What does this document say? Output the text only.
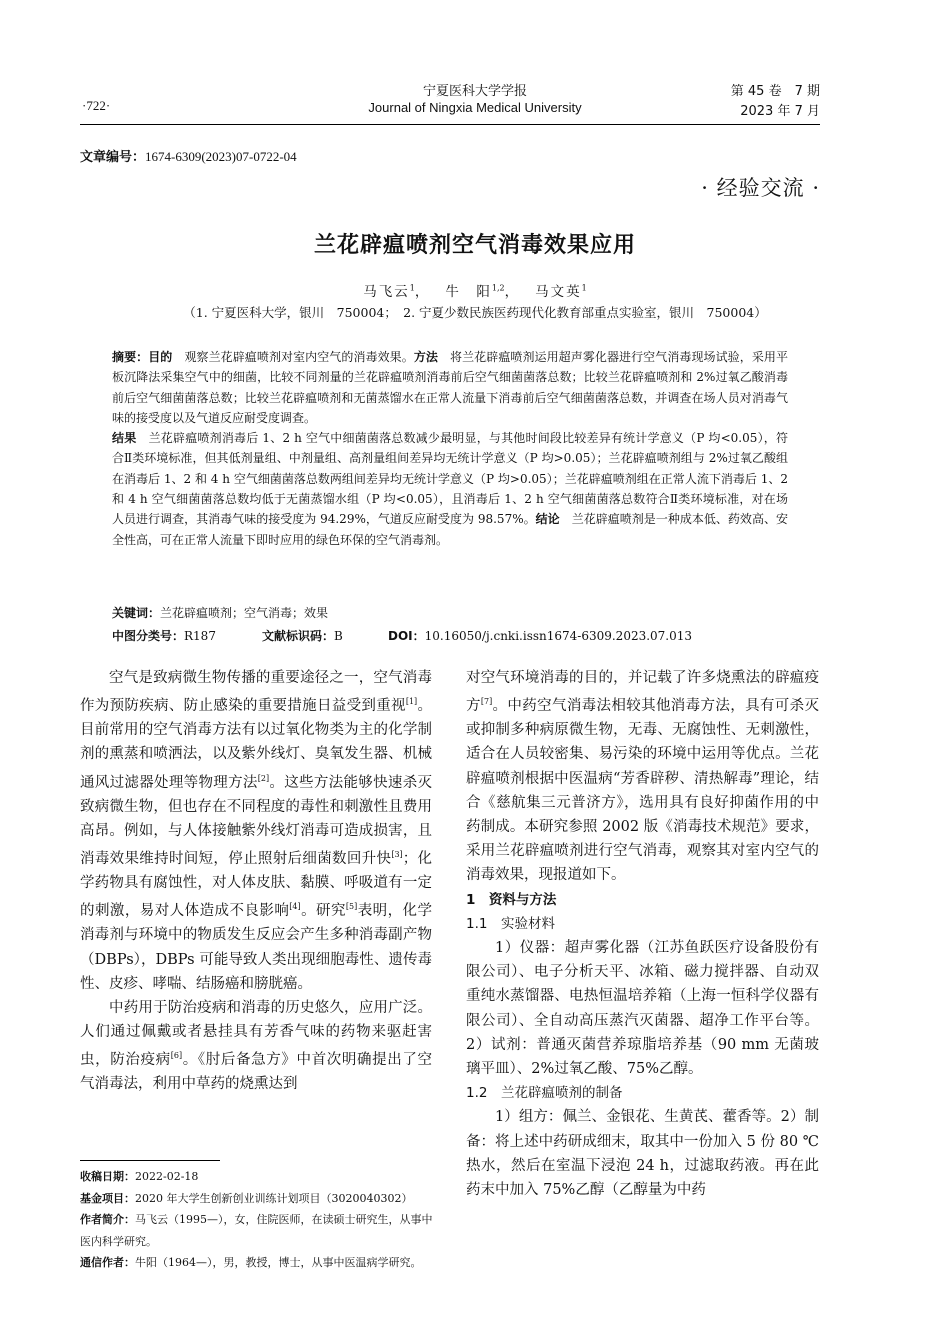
·722·
宁夏医科大学学报
Journal of Ningxia Medical University
第 45 卷　7 期
2023 年 7 月
文章编号：1674-6309(2023)07-0722-04
· 经验交流 ·
兰花辟瘟喷剂空气消毒效果应用
马飞云$^1$，　 牛　阳$^{1,2}$，　 马文英$^1$
（1. 宁夏医科大学，银川　750004；　2. 宁夏少数民族医药现代化教育部重点实验室，银川　750004）
摘要：目的　观察兰花辟瘟喷剂对室内空气的消毒效果。方法　将兰花辟瘟喷剂运用超声雾化器进行空气消毒现场试验，采用平板沉降法采集空气中的细菌，比较不同剂量的兰花辟瘟喷剂消毒前后空气细菌菌落总数；比较兰花辟瘟喷剂和 2%过氧乙酸消毒前后空气细菌菌落总数；比较兰花辟瘟喷剂和无菌蒸馏水在正常人流量下消毒前后空气细菌菌落总数，并调查在场人员对消毒气味的接受度以及气道反应耐受度调查。
结果　兰花辟瘟喷剂消毒后 1、2 h 空气中细菌菌落总数减少最明显，与其他时间段比较差异有统计学意义（P 均<0.05），符合Ⅱ类环境标准，但其低剂量组、中剂量组、高剂量组间差异均无统计学意义（P 均>0.05）；兰花辟瘟喷剂组与 2%过氧乙酸组在消毒后 1、2 和 4 h 空气细菌菌落总数两组间差异均无统计学意义（P 均>0.05）；兰花辟瘟喷剂组在正常人流下消毒后 1、2 和 4 h 空气细菌菌落总数均低于无菌蒸馏水组（P 均<0.05），且消毒后 1、2 h 空气细菌菌落总数符合Ⅱ类环境标准，对在场人员进行调查，其消毒气味的接受度为 94.29%，气道反应耐受度为 98.57%。结论　兰花辟瘟喷剂是一种成本低、药效高、安全性高，可在正常人流量下即时应用的绿色环保的空气消毒剂。
关键词：兰花辟瘟喷剂；空气消毒；效果
中图分类号：R187	文献标识码：B	DOI：10.16050/j.cnki.issn1674-6309.2023.07.013

空气是致病微生物传播的重要途径之一，空气消毒作为预防疾病、防止感染的重要措施日益受到重视[1]。目前常用的空气消毒方法有以过氧化物类为主的化学制剂的熏蒸和喷洒法，以及紫外线灯、臭氧发生器、机械通风过滤器处理等物理方法[2]。这些方法能够快速杀灭致病微生物，但也存在不同程度的毒性和刺激性且费用高昂。例如，与人体接触紫外线灯消毒可造成损害，且消毒效果维持时间短，停止照射后细菌数回升快[3]；化学药物具有腐蚀性，对人体皮肤、黏膜、呼吸道有一定的刺激，易对人体造成不良影响[4]。研究[5]表明，化学消毒剂与环境中的物质发生反应会产生多种消毒副产物（DBPs），DBPs 可能导致人类出现细胞毒性、遗传毒性、皮疹、哮喘、结肠癌和膀胱癌。

中药用于防治疫病和消毒的历史悠久，应用广泛。人们通过佩戴或者悬挂具有芳香气味的药物来驱赶害虫，防治疫病[6]。《肘后备急方》中首次明确提出了空气消毒法，利用中草药的烧熏达到

对空气环境消毒的目的，并记载了许多烧熏法的辟瘟疫方[7]。中药空气消毒法相较其他消毒方法，具有可杀灭或抑制多种病原微生物，无毒、无腐蚀性、无刺激性，适合在人员较密集、易污染的环境中运用等优点。兰花辟瘟喷剂根据中医温病“芳香辟秽、清热解毒”理论，结合《慈航集三元普济方》，选用具有良好抑菌作用的中药制成。本研究参照 2002 版《消毒技术规范》要求，采用兰花辟瘟喷剂进行空气消毒，观察其对室内空气的消毒效果，现报道如下。

1　资料与方法

1.1　实验材料

1）仪器：超声雾化器（江苏鱼跃医疗设备股份有限公司）、电子分析天平、冰箱、磁力搅拌器、自动双重纯水蒸馏器、电热恒温培养箱（上海一恒科学仪器有限公司）、全自动高压蒸汽灭菌器、超净工作平台等。2）试剂：普通灭菌营养琼脂培养基（90 mm 无菌玻璃平皿）、2%过氧乙酸、75%乙醇。

1.2　兰花辟瘟喷剂的制备

1）组方：佩兰、金银花、生黄芪、藿香等。2）制备：将上述中药研成细末，取其中一份加入 5 份 80 ℃热水，然后在室温下浸泡 24 h，过滤取药液。再在此药末中加入 75%乙醇（乙醇量为中药

收稿日期：2022-02-18
基金项目：2020 年大学生创新创业训练计划项目（3020040302）
作者简介：马飞云（1995—），女，住院医师，在读硕士研究生，从事中医内科学研究。
通信作者：牛阳（1964—），男，教授，博士，从事中医温病学研究。
